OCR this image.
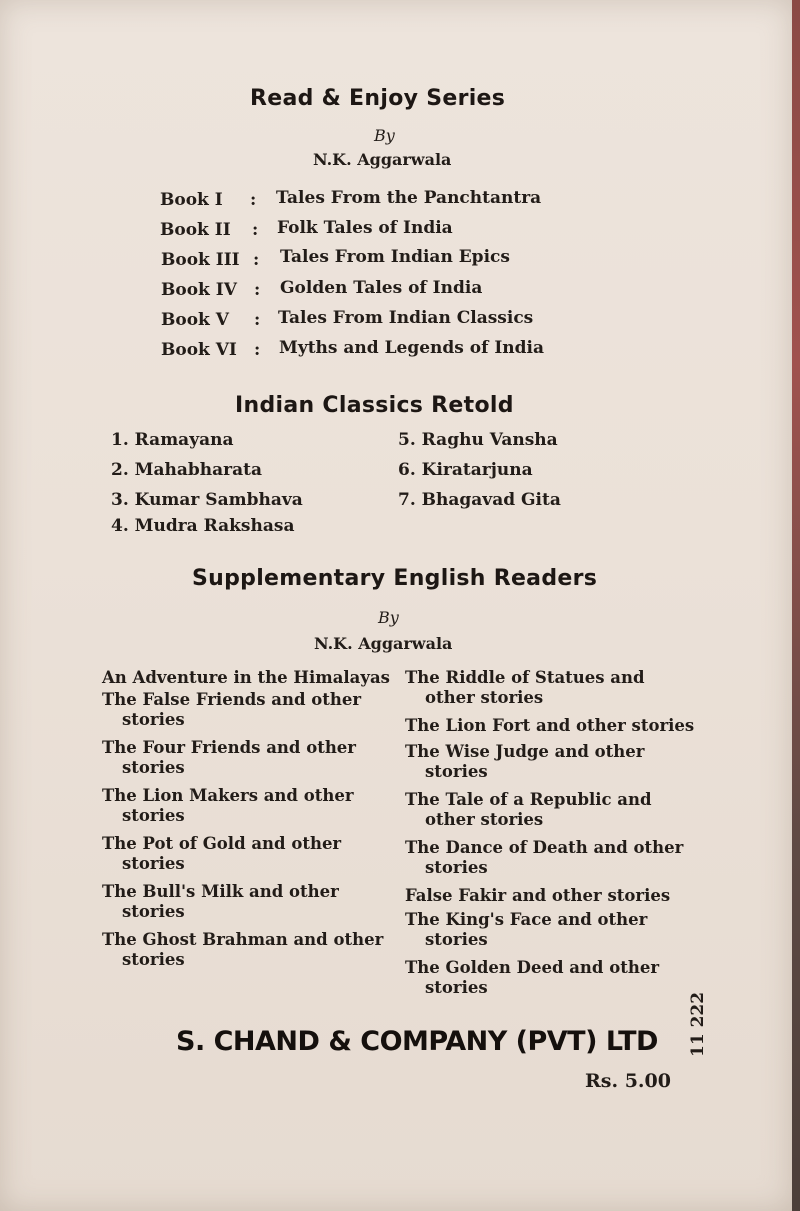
Read & Enjoy Series

By

N.K. Aggarwala

Book I : Tales From the Panchtantra
Book II : Folk Tales of India
Book III : Tales From Indian Epics
Book IV : Golden Tales of India
Book V : Tales From Indian Classics
Book VI : Myths and Legends of India
Indian Classics Retold
1. Ramayana
2. Mahabharata
3. Kumar Sambhava
4. Mudra Rakshasa
5. Raghu Vansha
6. Kiratarjuna
7. Bhagavad Gita
Supplementary English Readers

By

N.K. Aggarwala

An Adventure in the Himalayas
The False Friends and other
stories
The Four Friends and other
stories
The Lion Makers and other
stories
The Pot of Gold and other
stories
The Bull's Milk and other
stories
The Ghost Brahman and other
stories
The Riddle of Statues and
other stories
The Lion Fort and other stories
The Wise Judge and other
stories
The Tale of a Republic and
other stories
The Dance of Death and other
stories
False Fakir and other stories
The King's Face and other
stories
The Golden Deed and other
stories

S. CHAND & COMPANY (PVT) LTD

Rs. 5.00

11 222
